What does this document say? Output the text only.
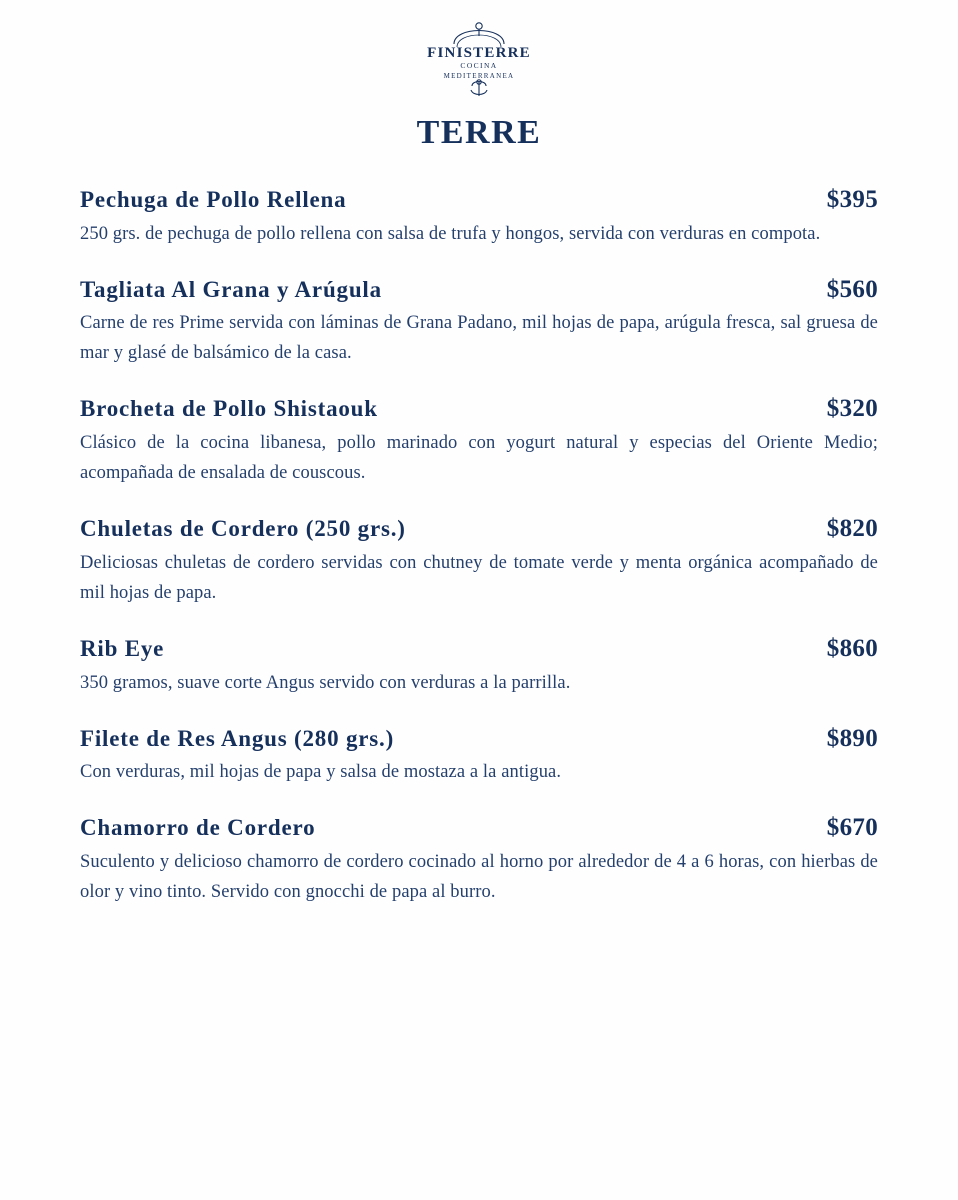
FINISTERRE
COCINA
MEDITERRANEA
TERRE
Pechuga de Pollo Rellena	$395
250 grs. de pechuga de pollo rellena con salsa de trufa y hongos, servida con verduras en compota.
Tagliata Al Grana y Arúgula	$560
Carne de res Prime servida con láminas de Grana Padano, mil hojas de papa, arúgula fresca, sal gruesa de mar y glasé de balsámico de la casa.
Brocheta de Pollo Shistaouk	$320
Clásico de la cocina libanesa, pollo marinado con yogurt natural y especias del Oriente Medio; acompañada de ensalada de couscous.
Chuletas de Cordero (250 grs.)	$820
Deliciosas chuletas de cordero servidas con chutney de tomate verde y menta orgánica acompañado de mil hojas de papa.
Rib Eye	$860
350 gramos, suave corte Angus servido con verduras a la parrilla.
Filete de Res Angus (280 grs.)	$890
Con verduras, mil hojas de papa y salsa de mostaza a la antigua.
Chamorro de Cordero	$670
Suculento y delicioso chamorro de cordero cocinado al horno por alrededor de 4 a 6 horas, con hierbas de olor y vino tinto. Servido con gnocchi de papa al burro.
